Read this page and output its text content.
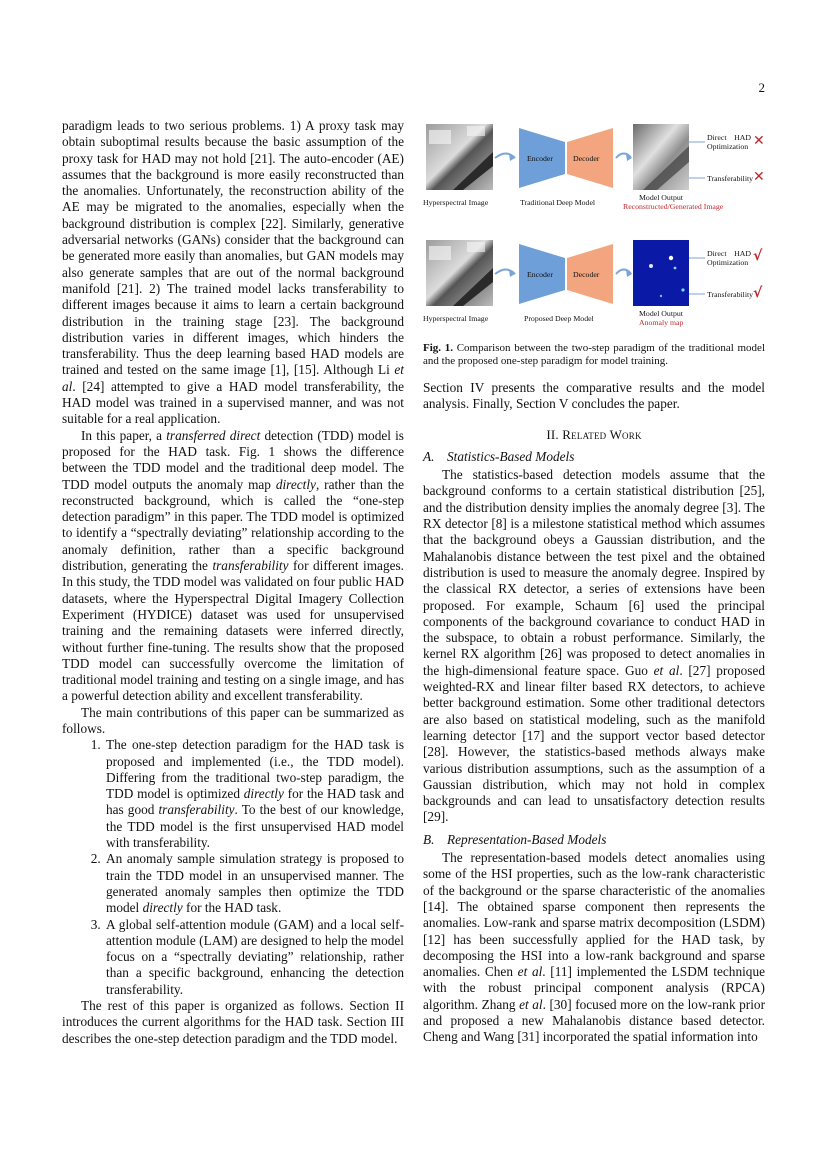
2

paradigm leads to two serious problems. 1) A proxy task may obtain suboptimal results because the basic assumption of the proxy task for HAD may not hold [21]. The auto-encoder (AE) assumes that the background is more easily reconstructed than the anomalies. Unfortunately, the reconstruction ability of the AE may be migrated to the anomalies, especially when the background distribution is complex [22]. Similarly, generative adversarial networks (GANs) consider that the background can be generated more easily than anomalies, but GAN models may also generate samples that are out of the normal background manifold [21]. 2) The trained model lacks transferability to different images because it aims to learn a certain background distribution in the training stage [23]. The background distribution varies in different images, which hinders the transferability. Thus the deep learning based HAD models are trained and tested on the same image [1], [15]. Although Li et al. [24] attempted to give a HAD model transferability, the HAD model was trained in a supervised manner, and was not suitable for a real application.

In this paper, a transferred direct detection (TDD) model is proposed for the HAD task. Fig. 1 shows the difference between the TDD model and the traditional deep model. The TDD model outputs the anomaly map directly, rather than the reconstructed background, which is called the “one-step detection paradigm” in this paper. The TDD model is optimized to identify a “spectrally deviating” relationship according to the anomaly definition, rather than a specific background distribution, generating the transferability for different images. In this study, the TDD model was validated on four public HAD datasets, where the Hyperspectral Digital Imagery Collection Experiment (HYDICE) dataset was used for unsupervised training and the remaining datasets were inferred directly, without further fine-tuning. The results show that the proposed TDD model can successfully overcome the limitation of traditional model training and testing on a single image, and has a powerful detection ability and excellent transferability.

The main contributions of this paper can be summarized as follows.

1. The one-step detection paradigm for the HAD task is proposed and implemented (i.e., the TDD model). Differing from the traditional two-step paradigm, the TDD model is optimized directly for the HAD task and has good transferability. To the best of our knowledge, the TDD model is the first unsupervised HAD model with transferability.
2. An anomaly sample simulation strategy is proposed to train the TDD model in an unsupervised manner. The generated anomaly samples then optimize the TDD model directly for the HAD task.
3. A global self-attention module (GAM) and a local self-attention module (LAM) are designed to help the model focus on a “spectrally deviating” relationship, rather than a specific background, enhancing the detection transferability.

The rest of this paper is organized as follows. Section II introduces the current algorithms for the HAD task. Section III describes the one-step detection paradigm and the TDD model.

Encoder	Decoder
Hyperspectral Image	Traditional Deep Model
Model Output
Reconstructed/Generated Image
Direct HAD Optimization ✕
Transferability ✕
Encoder	Decoder
Hyperspectral Image	Proposed Deep Model
Model Output
Anomaly map
Direct HAD Optimization √
Transferability √
Fig. 1. Comparison between the two-step paradigm of the traditional model and the proposed one-step paradigm for model training.

Section IV presents the comparative results and the model analysis. Finally, Section V concludes the paper.

II. Related Work
A. Statistics-Based Models

The statistics-based detection models assume that the background conforms to a certain statistical distribution [25], and the distribution density implies the anomaly degree [3]. The RX detector [8] is a milestone statistical method which assumes that the background obeys a Gaussian distribution, and the Mahalanobis distance between the test pixel and the obtained distribution is used to measure the anomaly degree. Inspired by the classical RX detector, a series of extensions have been proposed. For example, Schaum [6] used the principal components of the background covariance to conduct HAD in the subspace, to obtain a robust performance. Similarly, the kernel RX algorithm [26] was proposed to detect anomalies in the high-dimensional feature space. Guo et al. [27] proposed weighted-RX and linear filter based RX detectors, to achieve better background estimation. Some other traditional detectors are also based on statistical modeling, such as the manifold learning detector [17] and the support vector based detector [28]. However, the statistics-based methods always make various distribution assumptions, such as the assumption of a Gaussian distribution, which may not hold in complex backgrounds and can lead to unsatisfactory detection results [29].

B. Representation-Based Models

The representation-based models detect anomalies using some of the HSI properties, such as the low-rank characteristic of the background or the sparse characteristic of the anomalies [14]. The obtained sparse component then represents the anomalies. Low-rank and sparse matrix decomposition (LSDM) [12] has been successfully applied for the HAD task, by decomposing the HSI into a low-rank background and sparse anomalies. Chen et al. [11] implemented the LSDM technique with the robust principal component analysis (RPCA) algorithm. Zhang et al. [30] focused more on the low-rank prior and proposed a new Mahalanobis distance based detector. Cheng and Wang [31] incorporated the spatial information into
